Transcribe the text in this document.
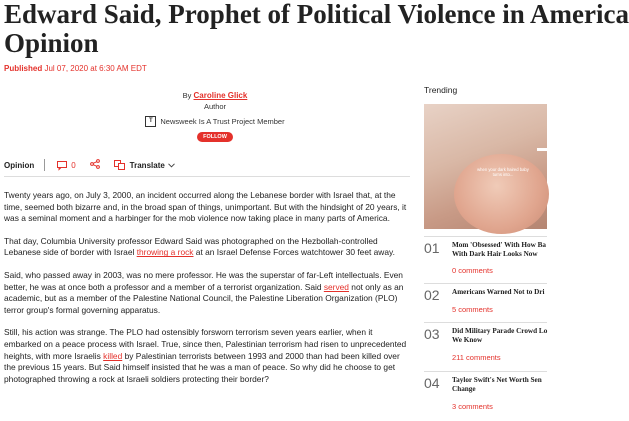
Edward Said, Prophet of Political Violence in America
Opinion
Published Jul 07, 2020 at 6:30 AM EDT
By Caroline Glick
Author
T	Newsweek Is A Trust Project Member
FOLLOW
Opinion	0	Translate

Twenty years ago, on July 3, 2000, an incident occurred along the Lebanese border with Israel that, at the time, seemed both bizarre and, in the broad span of things, unimportant. But with the hindsight of 20 years, it was a seminal moment and a harbinger for the mob violence now taking place in many parts of America.

That day, Columbia University professor Edward Said was photographed on the Hezbollah-controlled Lebanese side of border with Israel throwing a rock at an Israel Defense Forces watchtower 30 feet away.

Said, who passed away in 2003, was no mere professor. He was the superstar of far-Left intellectuals. Even better, he was at once both a professor and a member of a terrorist organization. Said served not only as an academic, but as a member of the Palestine National Council, the Palestine Liberation Organization (PLO) terror group's formal governing apparatus.

Still, his action was strange. The PLO had ostensibly forsworn terrorism seven years earlier, when it embarked on a peace process with Israel. True, since then, Palestinian terrorism had risen to unprecedented heights, with more Israelis killed by Palestinian terrorists between 1993 and 2000 than had been killed over the previous 15 years. But Said himself insisted that he was a man of peace. So why did he choose to get photographed throwing a rock at Israeli soldiers protecting their border?

Trending
when your dark haired baby turns into...
01 Mom 'Obsessed' With How Ba
With Dark Hair Looks Now
0 comments
02 Americans Warned Not to Dri
5 comments
03 Did Military Parade Crowd Lo
We Know
211 comments
04 Taylor Swift's Net Worth Sen
Change
3 comments
